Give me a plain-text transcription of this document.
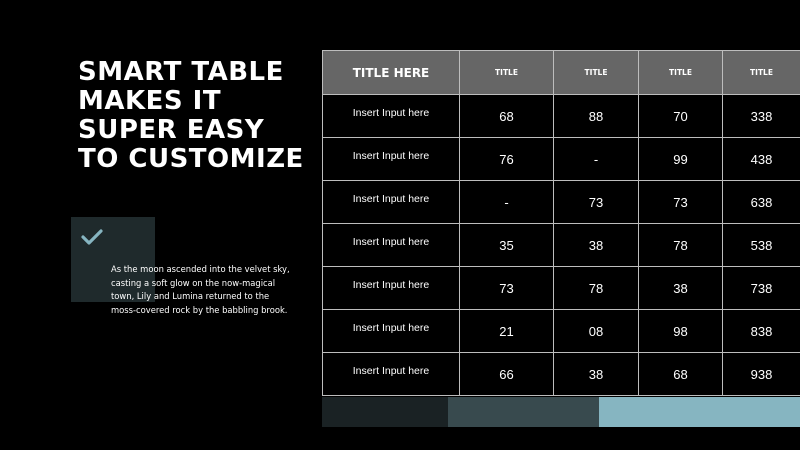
SMART TABLE MAKES IT SUPER EASY TO CUSTOMIZE

As the moon ascended into the velvet sky, casting a soft glow on the now-magical town, Lily and Lumina returned to the moss-covered rock by the babbling brook.

TITLE HERE	TITLE	TITLE	TITLE	TITLE
Insert Input here	68	88	70	338
Insert Input here	76	-	99	438
Insert Input here	-	73	73	638
Insert Input here	35	38	78	538
Insert Input here	73	78	38	738
Insert Input here	21	08	98	838
Insert Input here	66	38	68	938
